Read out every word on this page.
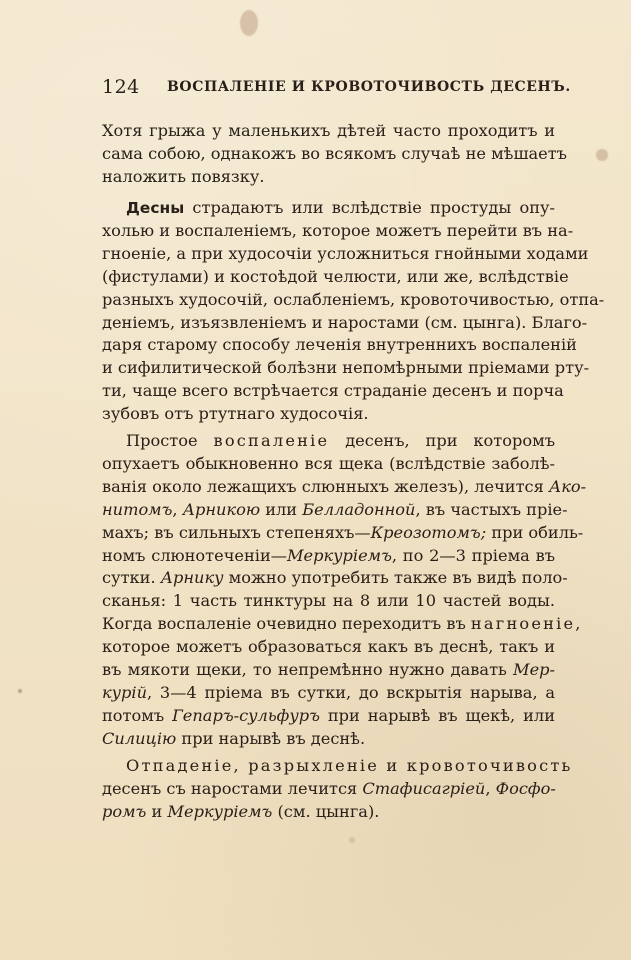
124 ВОСПАЛЕНІЕ И КРОВОТОЧИВОСТЬ ДЕСЕНЪ.
Хотя грыжа у маленькихъ дѣтей часто проходитъ и
сама собою, однакожъ во всякомъ случаѣ не мѣшаетъ
наложить повязку.
Десны страдаютъ или вслѣдствіе простуды опу-
холью и воспаленіемъ, которое можетъ перейти въ на-
гноеніе, а при худосочіи усложниться гнойными ходами
(фистулами) и костоѣдой челюсти, или же, вслѣдствіе
разныхъ худосочій, ослабленіемъ, кровоточивостью, отпа-
деніемъ, изъязвленіемъ и наростами (см. цынга). Благо-
даря старому способу леченія внутреннихъ воспаленій
и сифилитической болѣзни непомѣрными пріемами рту-
ти, чаще всего встрѣчается страданіе десенъ и порча
зубовъ отъ ртутнаго худосочія.
Простое воспаленіе десенъ, при которомъ
опухаетъ обыкновенно вся щека (вслѣдствіе заболѣ-
ванія около лежащихъ слюнныхъ железъ), лечится Ако-
нитомъ, Арникою или Белладонной, въ частыхъ пріе-
махъ; въ сильныхъ степеняхъ—Креозотомъ; при обиль-
номъ слюнотеченіи—Меркуріемъ, по 2—3 пріема въ
сутки. Арнику можно употребить также въ видѣ поло-
сканья: 1 часть тинктуры на 8 или 10 частей воды.
Когда воспаленіе очевидно переходитъ въ нагноеніе,
которое можетъ образоваться какъ въ деснѣ, такъ и
въ мякоти щеки, то непремѣнно нужно давать Мер-
курій, 3—4 пріема въ сутки, до вскрытія нарыва, а
потомъ Гепаръ-сульфуръ при нарывѣ въ щекѣ, или
Силицію при нарывѣ въ деснѣ.
Отпаденіе, разрыхленіе и кровоточивость
десенъ съ наростами лечится Стафисагріей, Фосфо-
ромъ и Меркуріемъ (см. цынга).
